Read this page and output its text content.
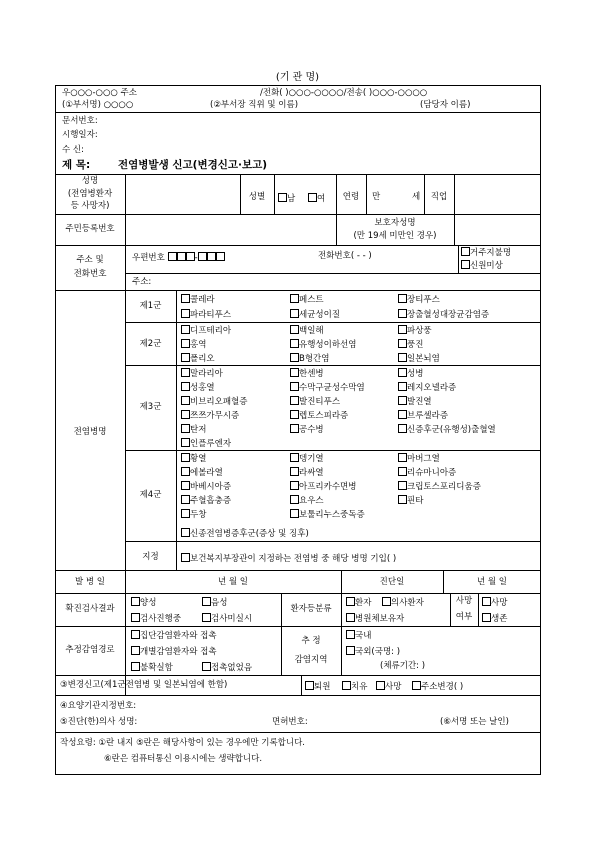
(기 관 명)
우○○○-○○○ 주소	/전화( )○○○-○○○○/전송( )○○○-○○○○
(①부서명) ○○○○	(②부서장 직위 및 이름)	(담당자 이름)
문서번호:
시행일자:
수 신:
제 목:	전염병발생 신고(변경신고·보고)
성명
(전염병환자
등 사망자)
성별	남	여	연령	만	세	직업
주민등록번호
보호자성명
(만 19세 미만인 경우)
주소 및
전화번호
우편번호	-	전화번호( - - )	거주지불명
신원미상
주소:
전염병명
제1군
콜레라	페스트	장티푸스
파라티푸스	세균성이질	장출혈성대장균감염증
제2군
디프테리아	백일해	파상풍
홍역	유행성이하선염	풍진
폴리오	B형간염	일본뇌염
제3군
말라리아	한센병	성병
성홍열	수막구균성수막염	레지오넬라증
비브리오패혈증	발진티푸스	발진열
쯔쯔가무시증	렙토스피라증	브루셀라증
탄저	공수병	신증후군(유행성)출혈열
인플루엔자
제4군
황열	뎅기열	마버그열
에볼라열	라싸열	리슈마니아증
바베시아증	아프리카수면병	크립토스포리디움증
주혈흡충증	요우스	핀타
두창	보툴리누스중독증
신종전염병증후군(증상 및 징후)
지정	보건복지부장관이 지정하는 전염병 중 해당 병명 기입( )
발 병 일	년 월 일	진단일	년 월 일
확진검사결과
양성	음성
검사진행중	검사미실시
환자등분류
환자	의사환자
병원체보유자
사망
여부
사망
생존
추정감염경로
집단감염환자와 접촉
개별감염환자와 접촉
불확실함	접촉없었음
추 정
감염지역
국내
국외(국명: )
(체류기간: )
③변경신고(제1군전염병 및 일본뇌염에 한함)	퇴원	치유	사망	주소변경( )
④요양기관지정번호:
⑤진단(한)의사 성명:	면허번호:	(⑥서명 또는 날인)
작성요령: ①란 내지 ⑤란은 해당사항이 있는 경우에만 기록합니다.
⑥란은 컴퓨터통신 이용시에는 생략합니다.
